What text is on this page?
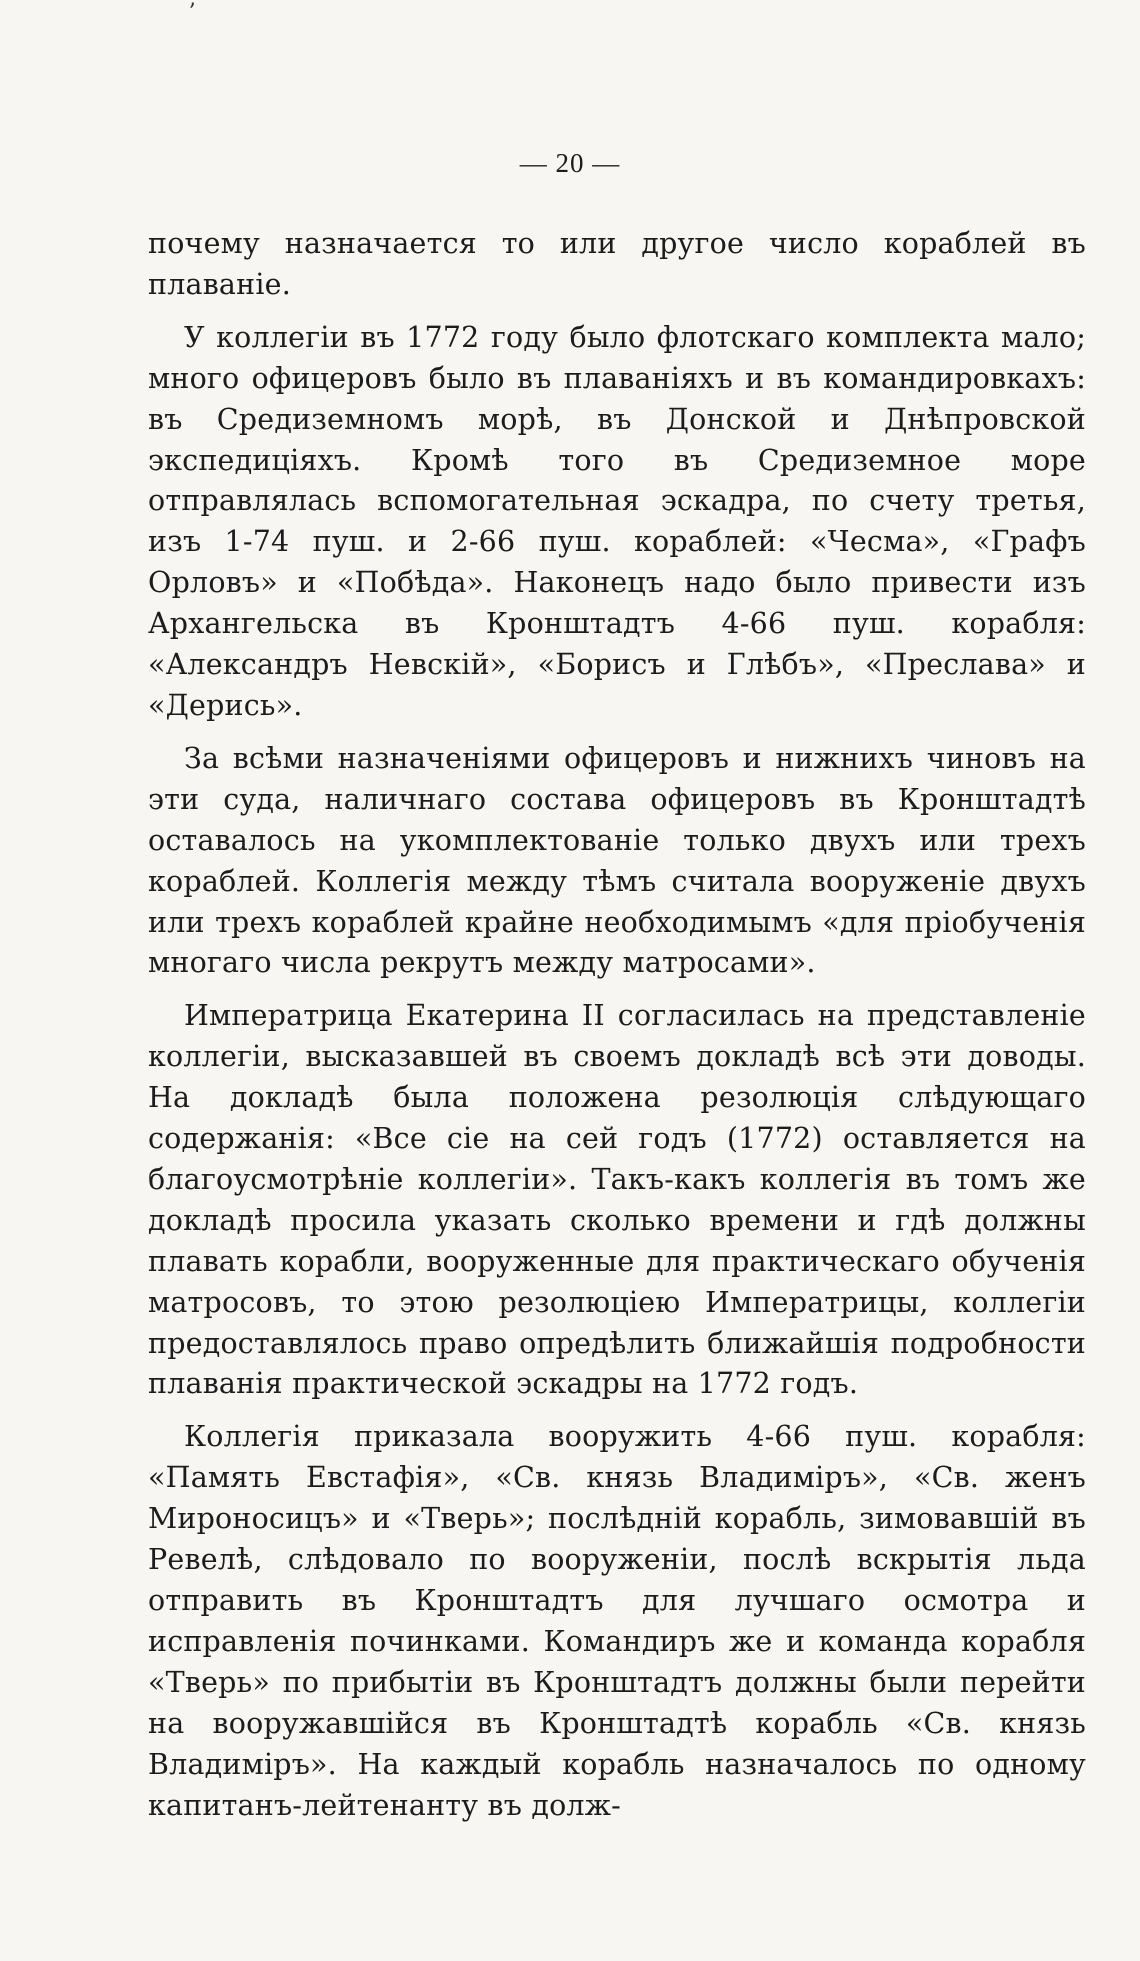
ʼ
— 20 —

почему назначается то или другое число кораблей въ плаванie.

У коллегiи въ 1772 году было флотскаго комплекта мало; много офицеровъ было въ плаванiяхъ и въ командировкахъ: въ Средиземномъ морѣ, въ Донской и Днѣпровской экспедицiяхъ. Кромѣ того въ Средиземное море отправлялась вспомогательная эскадра, по счету третья, изъ 1-74 пуш. и 2-66 пуш. кораблей: «Чесма», «Графъ Орловъ» и «Побѣда». Наконецъ надо было привести изъ Архангельска въ Кронштадтъ 4-66 пуш. корабля: «Александръ Невскiй», «Борисъ и Глѣбъ», «Преслава» и «Дерись».

За всѣми назначенiями офицеровъ и нижнихъ чиновъ на эти суда, наличнаго состава офицеровъ въ Кронштадтѣ оставалось на укомплектованie только двухъ или трехъ кораблей. Коллегiя между тѣмъ считала вооруженie двухъ или трехъ кораблей крайне необходимымъ «для прiобученiя многаго числа рекрутъ между матросами».

Императрица Екатерина II согласилась на представленie коллегiи, высказавшей въ своемъ докладѣ всѣ эти доводы. На докладѣ была положена резолюцiя слѣдующаго содержанiя: «Все сie на сей годъ (1772) оставляется на благоусмотрѣнie коллегiи». Такъ-какъ коллегiя въ томъ же докладѣ просила указать сколько времени и гдѣ должны плавать корабли, вооруженные для практическаго обученiя матросовъ, то этою резолюцiею Императрицы, коллегiи предоставлялось право опредѣлить ближайшiя подробности плаванiя практической эскадры на 1772 годъ.

Коллегiя приказала вооружить 4-66 пуш. корабля: «Память Евстафiя», «Св. князь Владимiръ», «Св. женъ Мироносицъ» и «Тверь»; послѣднiй корабль, зимовавшiй въ Ревелѣ, слѣдовало по вооруженiи, послѣ вскрытiя льда отправить въ Кронштадтъ для лучшаго осмотра и исправленiя починками. Командиръ же и команда корабля «Тверь» по прибытiи въ Кронштадтъ должны были перейти на вооружавшiйся въ Кронштадтѣ корабль «Св. князь Владимiръ». На каждый корабль назначалось по одному капитанъ-лейтенанту въ долж-
